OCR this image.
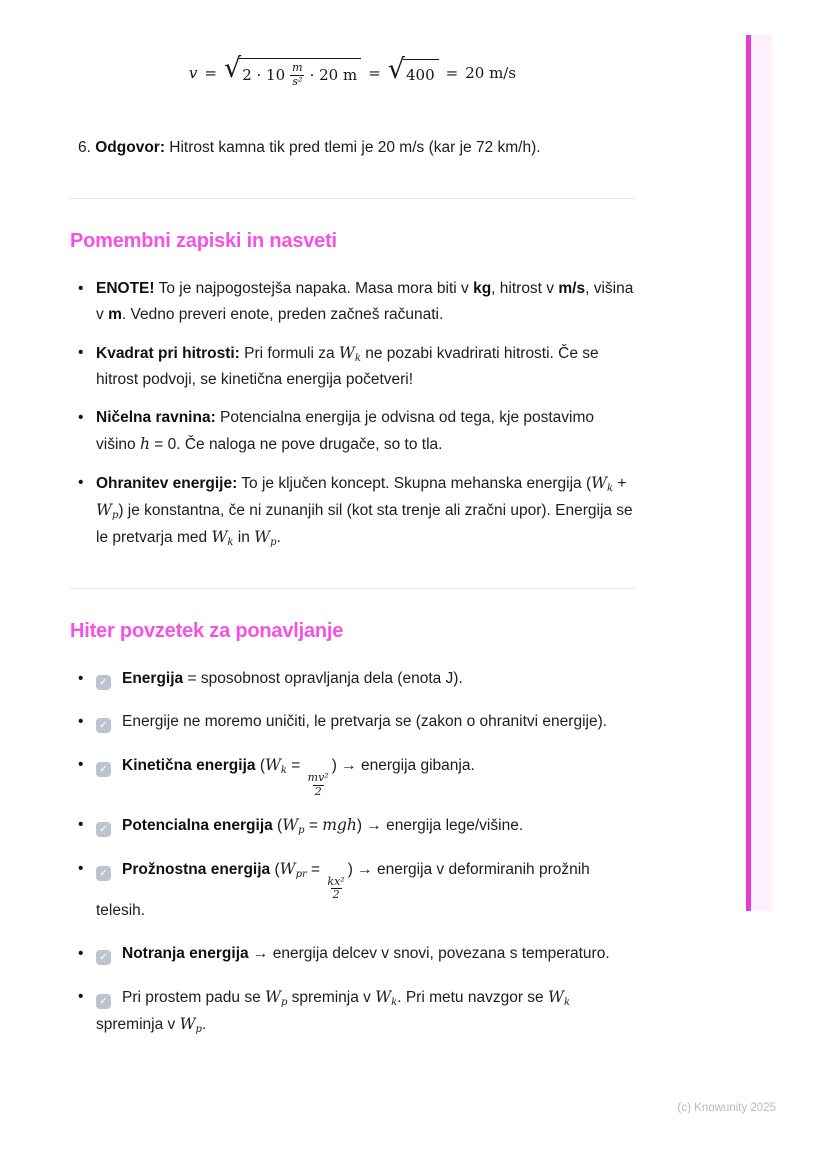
v = √ $2 \cdot 10 \frac{m}{\text{s²}} \cdot 20$ m = √ 400 = 20 m/s
6. Odgovor: Hitrost kamna tik pred tlemi je 20 m/s (kar je 72 km/h).
Pomembni zapiski in nasveti
• ENOTE! To je najpogostejša napaka. Masa mora biti v kg, hitrost v m/s, višina v m. Vedno preveri enote, preden začneš računati.
• Kvadrat pri hitrosti: Pri formuli za $W_k$ ne pozabi kvadrirati hitrosti. Če se hitrost podvoji, se kinetična energija početveri!
• Ničelna ravnina: Potencialna energija je odvisna od tega, kje postavimo višino h = 0. Če naloga ne pove drugače, so to tla.
• Ohranitev energije: To je ključen koncept. Skupna mehanska energija $(W_k + W_p)$ je konstantna, če ni zunanjih sil (kot sta trenje ali zračni upor). Energija se le pretvarja med $W_k$ in $W_p$.
Hiter povzetek za ponavljanje
✓• Energija = sposobnost opravljanja dela (enota J).
✓• Energije ne moremo uničiti, le pretvarja se (zakon o ohranitvi energije).
✓• Kinetična energija ($W_k$ =
$\frac{\text{mv²}}{2}$
) → energija gibanja.
✓• Potencialna energija $(W_p = mgh)$ → energija lege/višine.
✓• Prožnostna energija ($W_{pr}$ =
$\frac{\text{kx²}}{2}$
) → energija v deformiranih prožnih telesih.
✓• Notranja energija → energija delcev v snovi, povezana s temperaturo.
✓• Pri prostem padu se $W_p$ spreminja v $W_k$. Pri metu navzgor se $W_k$ spreminja v $W_p$.
(c) Knowunity 2025
